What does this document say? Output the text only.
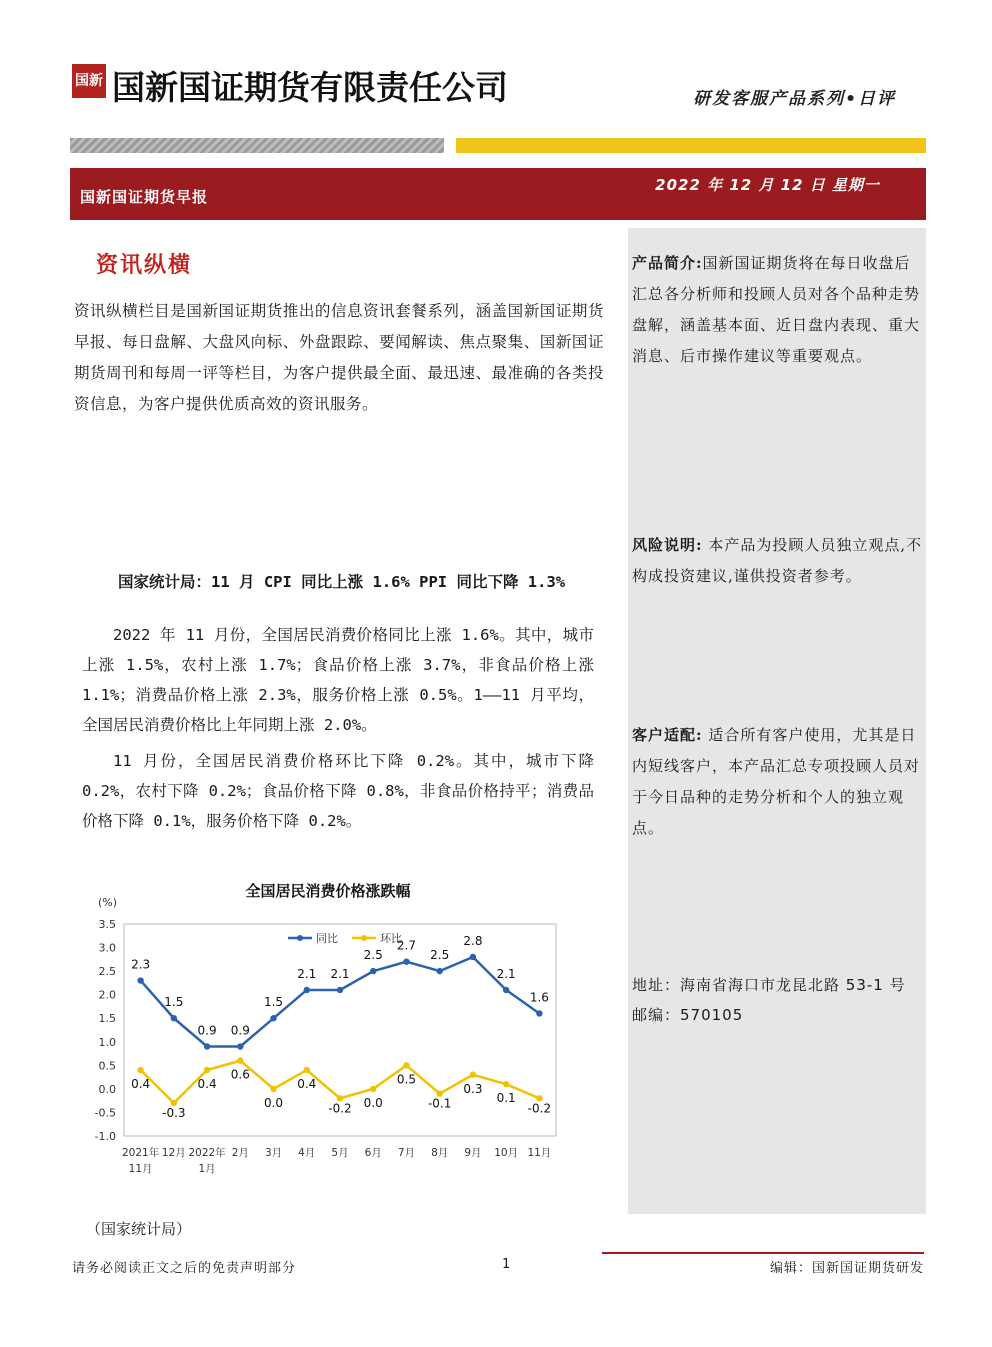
国新 国新国证期货有限责任公司	研发客服产品系列•日评
国新国证期货早报
2022 年 12 月 12 日 星期一
产品简介:国新国证期货将在每日收盘后汇总各分析师和投顾人员对各个品种走势盘解，涵盖基本面、近日盘内表现、重大消息、后市操作建议等重要观点。
风险说明: 本产品为投顾人员独立观点,不构成投资建议,谨供投资者参考。
客户适配: 适合所有客户使用，尤其是日内短线客户，本产品汇总专项投顾人员对于今日品种的走势分析和个人的独立观点。
地址：海南省海口市龙昆北路 53-1 号
邮编：570105
资讯纵横
资讯纵横栏目是国新国证期货推出的信息资讯套餐系列，涵盖国新国证期货早报、每日盘解、大盘风向标、外盘跟踪、要闻解读、焦点聚集、国新国证期货周刊和每周一评等栏目，为客户提供最全面、最迅速、最准确的各类投资信息，为客户提供优质高效的资讯服务。
国家统计局：11 月 CPI 同比上涨 1.6% PPI 同比下降 1.3%
2022 年 11 月份，全国居民消费价格同比上涨 1.6%。其中，城市上涨 1.5%，农村上涨 1.7%；食品价格上涨 3.7%，非食品价格上涨 1.1%；消费品价格上涨 2.3%，服务价格上涨 0.5%。1——11 月平均，全国居民消费价格比上年同期上涨 2.0%。
11 月份，全国居民消费价格环比下降 0.2%。其中，城市下降 0.2%，农村下降 0.2%；食品价格下降 0.8%，非食品价格持平；消费品价格下降 0.1%，服务价格下降 0.2%。
全国居民消费价格涨跌幅
(%)
3.5
3.0
2.5
2.0
1.5
1.0
0.5
0.0
-0.5
-1.0
2021年
11月
12月 2022年
1月
2月 3月 4月 5月 6月 7月 8月 9月 10月 11月
同比	环比
2.3
1.5
0.9 0.9
1.5
2.1 2.1
2.5
2.7
2.5
2.8
2.1
1.6
0.4
-0.3
0.4
0.6
0.0
0.4
-0.2 0.0
0.5
-0.1
0.3
0.1
-0.2
（国家统计局）
请务必阅读正文之后的免责声明部分	1	编辑：国新国证期货研发
